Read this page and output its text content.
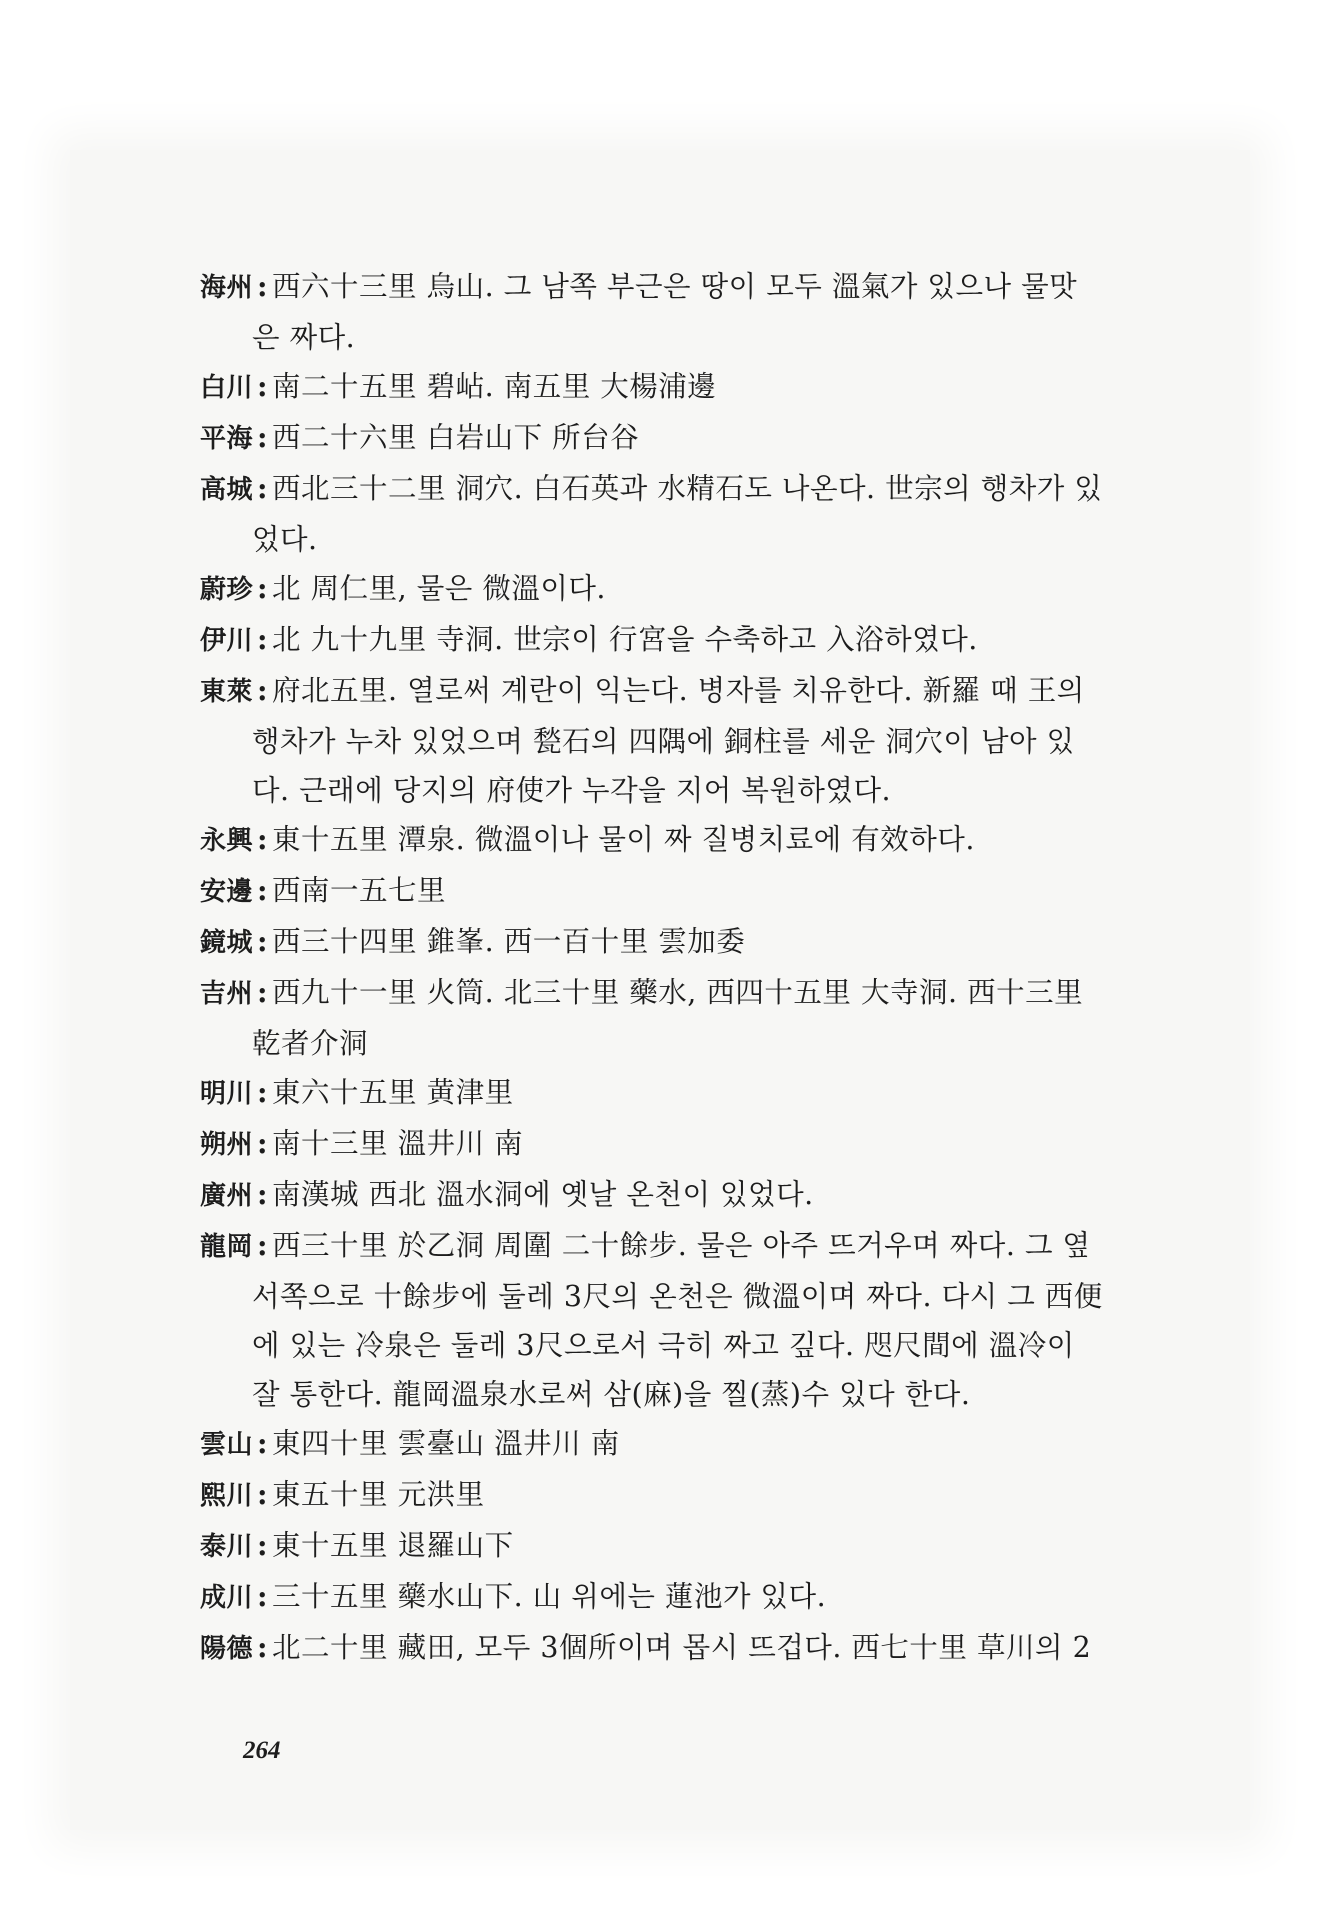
海州 : 西六十三里 烏山. 그 남쪽 부근은 땅이 모두 溫氣가 있으나 물맛
은 짜다.
白川 : 南二十五里 碧岾. 南五里 大楊浦邊
平海 : 西二十六里 白岩山下 所台谷
高城 : 西北三十二里 洞穴. 白石英과 水精石도 나온다. 世宗의 행차가 있
었다.
蔚珍 : 北 周仁里, 물은 微溫이다.
伊川 : 北 九十九里 寺洞. 世宗이 行宮을 수축하고 入浴하였다.
東萊 : 府北五里. 열로써 계란이 익는다. 병자를 치유한다. 新羅 때 王의
행차가 누차 있었으며 甃石의 四隅에 銅柱를 세운 洞穴이 남아 있
다. 근래에 당지의 府使가 누각을 지어 복원하였다.
永興 : 東十五里 潭泉. 微溫이나 물이 짜 질병치료에 有效하다.
安邊 : 西南一五七里
鏡城 : 西三十四里 錐峯. 西一百十里 雲加委
吉州 : 西九十一里 火筒. 北三十里 藥水, 西四十五里 大寺洞. 西十三里
乾者介洞
明川 : 東六十五里 黄津里
朔州 : 南十三里 溫井川 南
廣州 : 南漢城 西北 溫水洞에 옛날 온천이 있었다.
龍岡 : 西三十里 於乙洞 周圍 二十餘步. 물은 아주 뜨거우며 짜다. 그 옆
서쪽으로 十餘步에 둘레 3尺의 온천은 微溫이며 짜다. 다시 그 西便
에 있는 冷泉은 둘레 3尺으로서 극히 짜고 깊다. 咫尺間에 溫冷이
잘 통한다. 龍岡溫泉水로써 삼(麻)을 찔(蒸)수 있다 한다.
雲山 : 東四十里 雲臺山 溫井川 南
熙川 : 東五十里 元洪里
泰川 : 東十五里 退羅山下
成川 : 三十五里 藥水山下. 山 위에는 蓮池가 있다.
陽德 : 北二十里 藏田, 모두 3個所이며 몹시 뜨겁다. 西七十里 草川의 2
264
